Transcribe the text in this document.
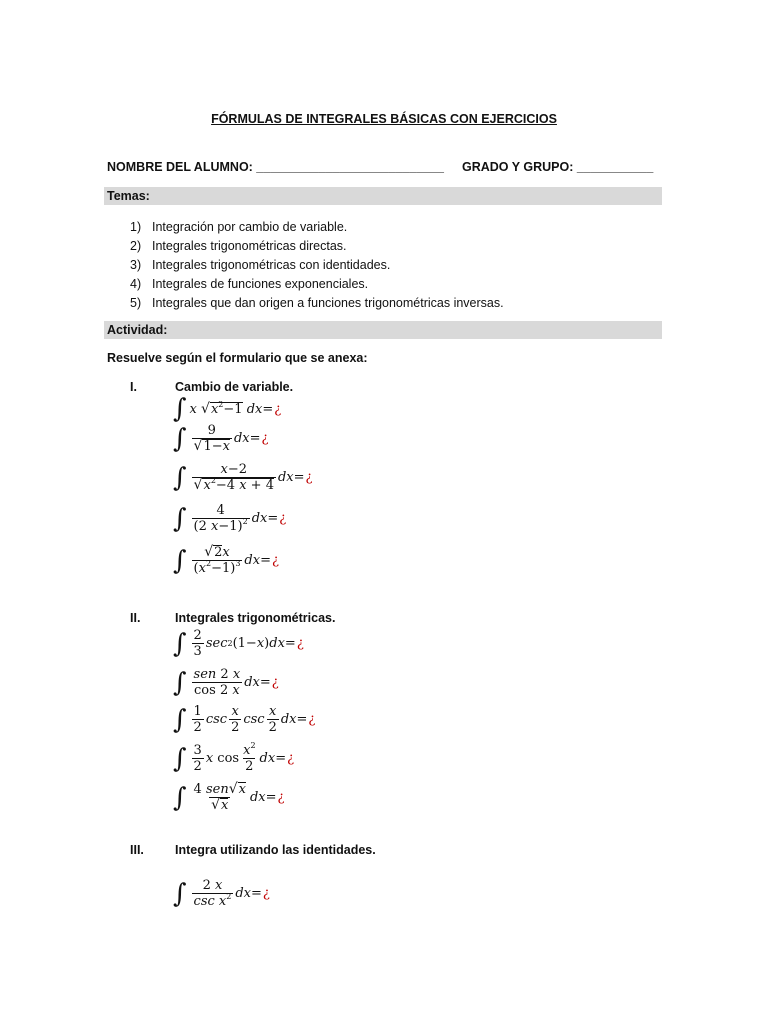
FÓRMULAS DE INTEGRALES BÁSICAS CON EJERCICIOS
NOMBRE DEL ALUMNO: ___________________________ GRADO Y GRUPO: ___________
Temas:
1) Integración por cambio de variable.
2) Integrales trigonométricas directas.
3) Integrales trigonométricas con identidades.
4) Integrales de funciones exponenciales.
5) Integrales que dan origen a funciones trigonométricas inversas.
Actividad:
Resuelve según el formulario que se anexa:
I.	Cambio de variable.
∫ x
√ $x^2-1$
dx = ¿
∫ $\frac{9}{√ 1-x}$ dx = ¿
∫ $\frac{x-2}{√ x^2-4 x + 4}$ dx = ¿
∫ $\frac{4}{(2 x-1)^2}$ dx = ¿
∫ $\frac{√ 2 x}{(x^2-1)^3}$ dx = ¿
II.	Integrales trigonométricas.
∫ $\frac{2}{3}$ sec 2 (1− x ) dx = ¿
∫ $\frac{\text{sen 2 x}}{\cos 2 x}$ dx = ¿
∫ $\frac{1}{2}$ $\csc \frac{x}{2}$ $\csc \frac{x}{2}$ dx = ¿
∫ $\frac{3}{2}$ x $\cos \frac{x^2}{2}$ dx = ¿
∫ $\frac{\text{4 sen √ x}}{√ x}$ dx = ¿
III. Integra utilizando las identidades.
∫ $\frac{2 x}{\csc x^2}$ dx = ¿
